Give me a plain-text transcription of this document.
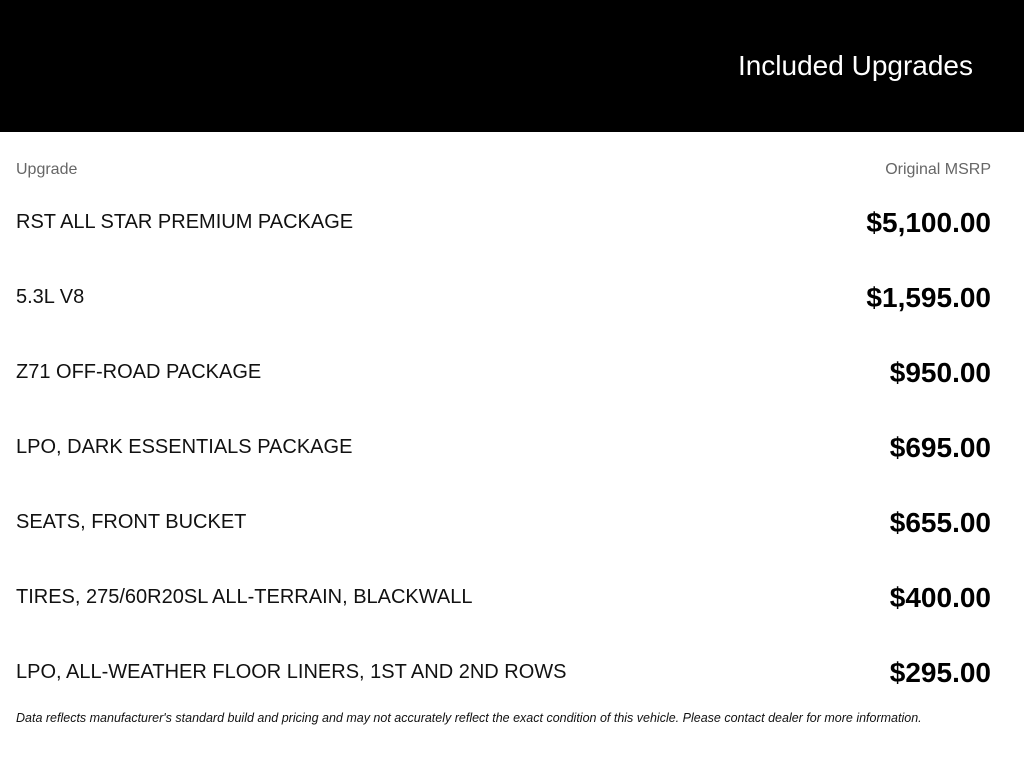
Included Upgrades
Upgrade	Original MSRP
RST ALL STAR PREMIUM PACKAGE	$5,100.00
5.3L V8	$1,595.00
Z71 OFF-ROAD PACKAGE	$950.00
LPO, DARK ESSENTIALS PACKAGE	$695.00
SEATS, FRONT BUCKET	$655.00
TIRES, 275/60R20SL ALL-TERRAIN, BLACKWALL	$400.00
LPO, ALL-WEATHER FLOOR LINERS, 1ST AND 2ND ROWS	$295.00

Data reflects manufacturer's standard build and pricing and may not accurately reflect the exact condition of this vehicle. Please contact dealer for more information.
